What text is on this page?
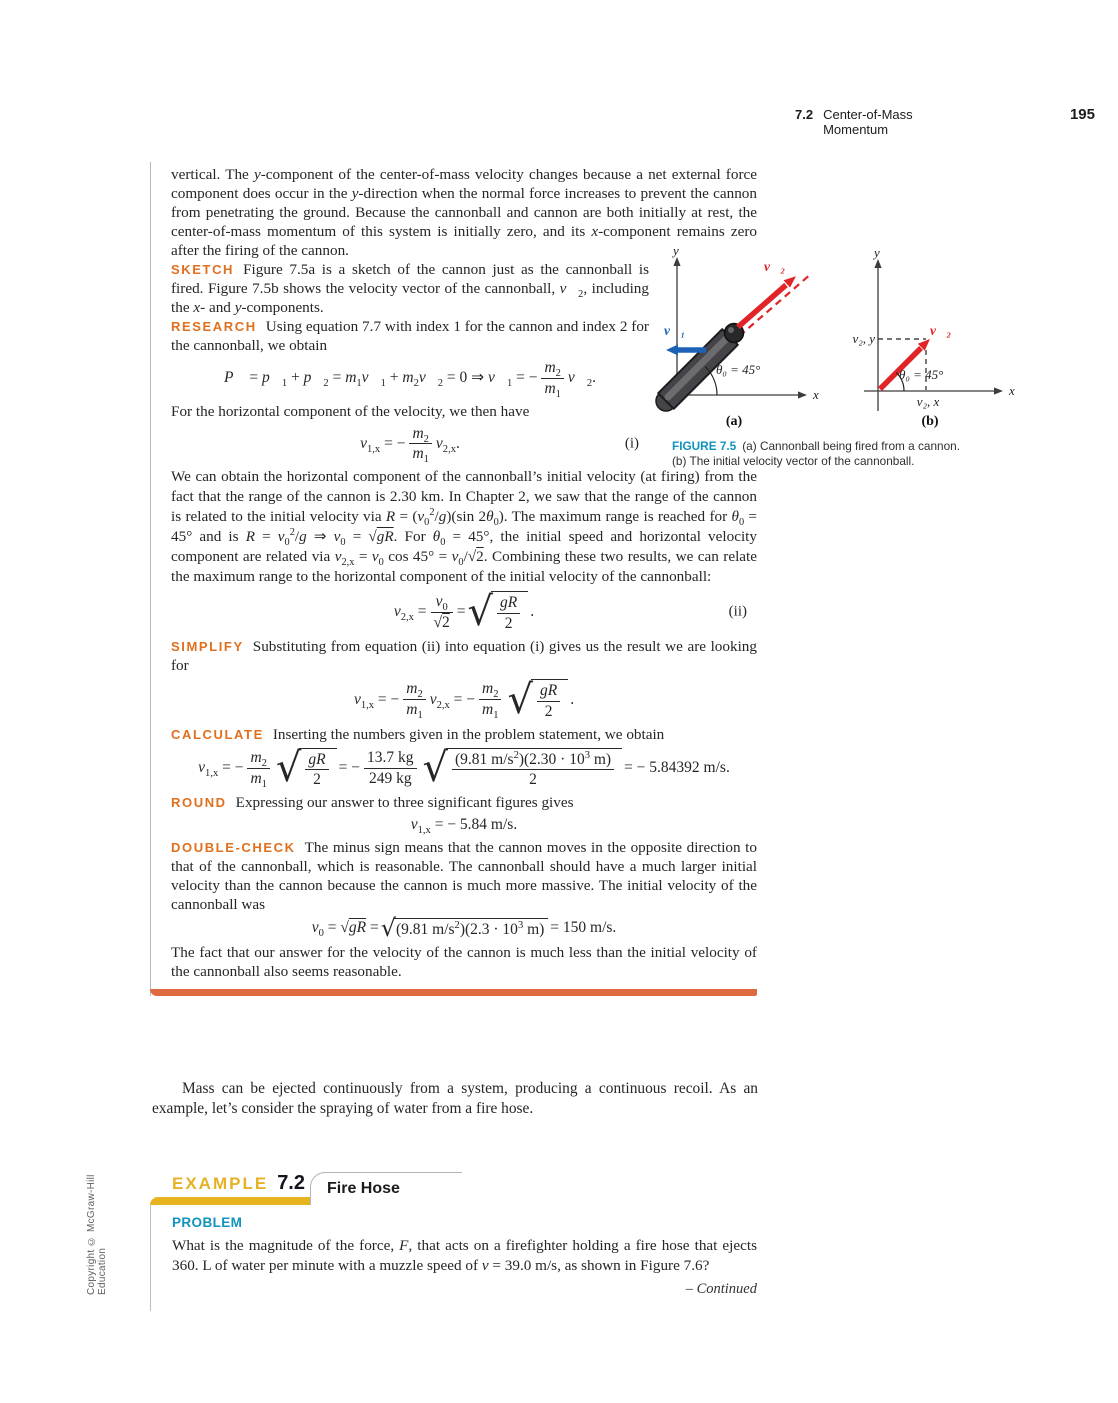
7.2 Center-of-Mass Momentum
195
Copyright © McGraw-Hill Education
y
x
v⃗₂
v⃗₁
θ₀ = 45°
(a)
y
x
v₂, y
v₂, x
v⃗₂
θ₀ = 45°
(b)
FIGURE 7.5 (a) Cannonball being fired from a cannon. (b) The initial velocity vector of the cannonball.

vertical. The y-component of the center-of-mass velocity changes because a net external force component does occur in the y-direction when the normal force increases to prevent the cannon from penetrating the ground. Because the cannonball and cannon are both initially at rest, the center-of-mass momentum of this system is initially zero, and its x-component remains zero after the firing of the cannon.

SKETCH Figure 7.5a is a sketch of the cannon just as the cannonball is fired. Figure 7.5b shows the velocity vector of the cannonball, $v⃗_2$, including the x- and y-components.

RESEARCH Using equation 7.7 with index 1 for the cannon and index 2 for the cannonball, we obtain

P⃗ = $p⃗_1$ + $p⃗_2$ = $m_1v⃗_1$ + $m_2v⃗_2 = 0$ ⇒ $v⃗_1$ = − $\frac{m_2}{m_1}$ $v⃗_2$.

For the horizontal component of the velocity, we then have

$v_{1,x}$ = − $\frac{m_2}{m_1} v_{2,x}$.	(i)

We can obtain the horizontal component of the cannonball’s initial velocity (at firing) from the fact that the range of the cannon is 2.30 km. In Chapter 2, we saw that the range of the cannon is related to the initial velocity via $R = (v_0^2/g)(\sin$ $2\theta_0$). The maximum range is reached for $\theta_0 = 45^\circ$ and is $R = v_0^2/g$ ⇒ $v_0 = √gR$. For $\theta_0 = 45^\circ$, the initial speed and horizontal velocity component are related via $v_{2,x} = v_0$ $\cos 45^\circ = v_0/√2$. Combining these two results, we can relate the maximum range to the horizontal component of the initial velocity of the cannonball:

$v_{2,x} = \frac{v_0}{√2}$ = √ $\frac{gR}{2}$ .	(ii)

SIMPLIFY Substituting from equation (ii) into equation (i) gives us the result we are looking for

$v_{1,x}$ = − $\frac{m_2}{m_1} v_{2,x}$ = − $\frac{m_2}{m_1}$ √ $\frac{gR}{2}$ .

CALCULATE Inserting the numbers given in the problem statement, we obtain

$v_{1,x}$ = − $\frac{m_2}{m_1}$ √ $\frac{gR}{2}$ = − $\frac{13.7 kg}{249 kg}$ √ $\frac{(9.81 m/s^2)(2.30 \cdot 10^3 m)}{2}$ = − 5.84392 m/s.

ROUND Expressing our answer to three significant figures gives

$v_{1,x}$ = − 5.84 m/s.

DOUBLE-CHECK The minus sign means that the cannon moves in the opposite direction to that of the cannonball, which is reasonable. The cannonball should have a much larger initial velocity than the cannon because the cannon is much more massive. The initial velocity of the cannonball was

$v_0 = √gR$ = √ (9.81 $m/s^2)(2.3 \cdot 10^3$ m) = 150 m/s.

The fact that our answer for the velocity of the cannon is much less than the initial velocity of the cannonball also seems reasonable.

Mass can be ejected continuously from a system, producing a continuous recoil. As an example, let’s consider the spraying of water from a fire hose.

EXAMPLE 7.2 Fire Hose
PROBLEM

What is the magnitude of the force, F, that acts on a firefighter holding a fire hose that ejects 360. L of water per minute with a muzzle speed of v = 39.0 m/s, as shown in Figure 7.6?

– Continued
